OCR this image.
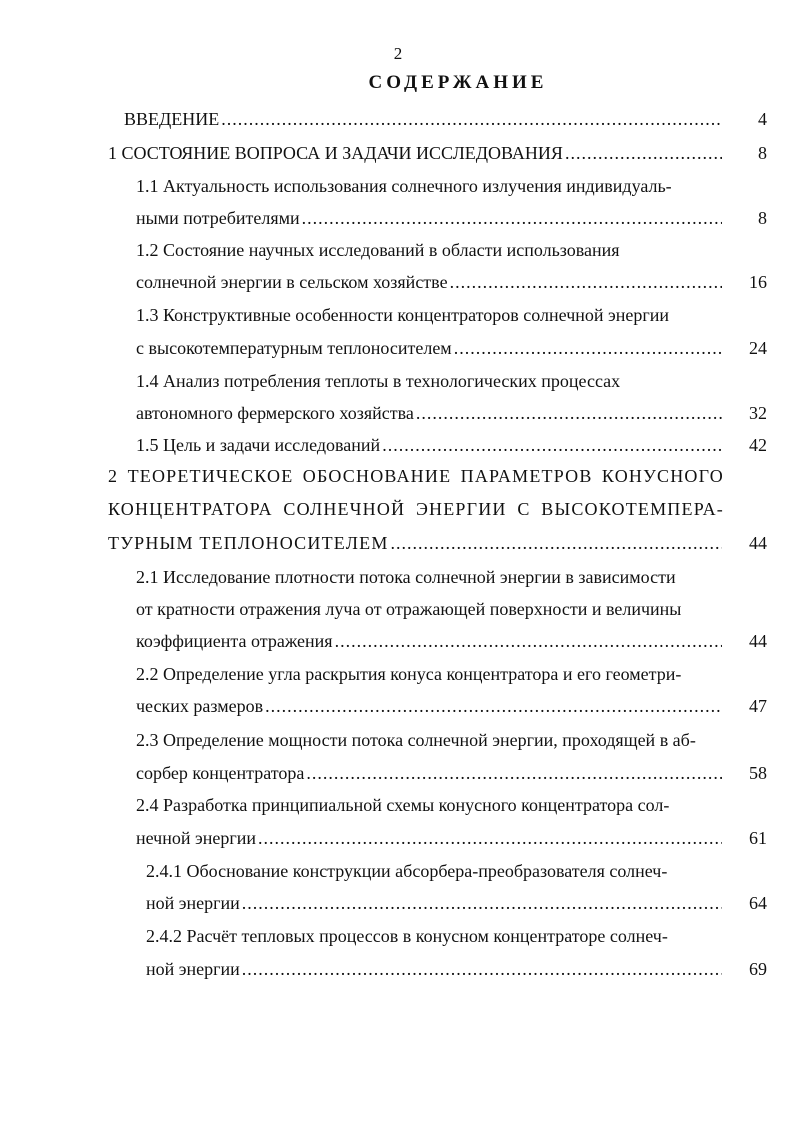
2
СОДЕРЖАНИЕ
ВВЕДЕНИЕ .....	4
1 СОСТОЯНИЕ ВОПРОСА И ЗАДАЧИ ИССЛЕДОВАНИЯ .....	8
1.1 Актуальность использования солнечного излучения индивидуаль-
ными потребителями .....	8
1.2 Состояние научных исследований в области использования
солнечной энергии в сельском хозяйстве .....	16
1.3 Конструктивные особенности концентраторов солнечной энергии
с высокотемпературным теплоносителем .....	24
1.4 Анализ потребления теплоты в технологических процессах
автономного фермерского хозяйства .....	32
1.5 Цель и задачи исследований .....	42
2 ТЕОРЕТИЧЕСКОЕ ОБОСНОВАНИЕ ПАРАМЕТРОВ КОНУСНОГО
КОНЦЕНТРАТОРА СОЛНЕЧНОЙ ЭНЕРГИИ С ВЫСОКОТЕМПЕРА-
ТУРНЫМ ТЕПЛОНОСИТЕЛЕМ .....	44
2.1 Исследование плотности потока солнечной энергии в зависимости
от кратности отражения луча от отражающей поверхности и величины
коэффициента отражения .....	44
2.2 Определение угла раскрытия конуса концентратора и его геометри-
ческих размеров .....	47
2.3 Определение мощности потока солнечной энергии, проходящей в аб-
сорбер концентратора .....	58
2.4 Разработка принципиальной схемы конусного концентратора сол-
нечной энергии .....	61
2.4.1 Обоснование конструкции абсорбера-преобразователя солнеч-
ной энергии .....	64
2.4.2 Расчёт тепловых процессов в конусном концентраторе солнеч-
ной энергии .....	69
